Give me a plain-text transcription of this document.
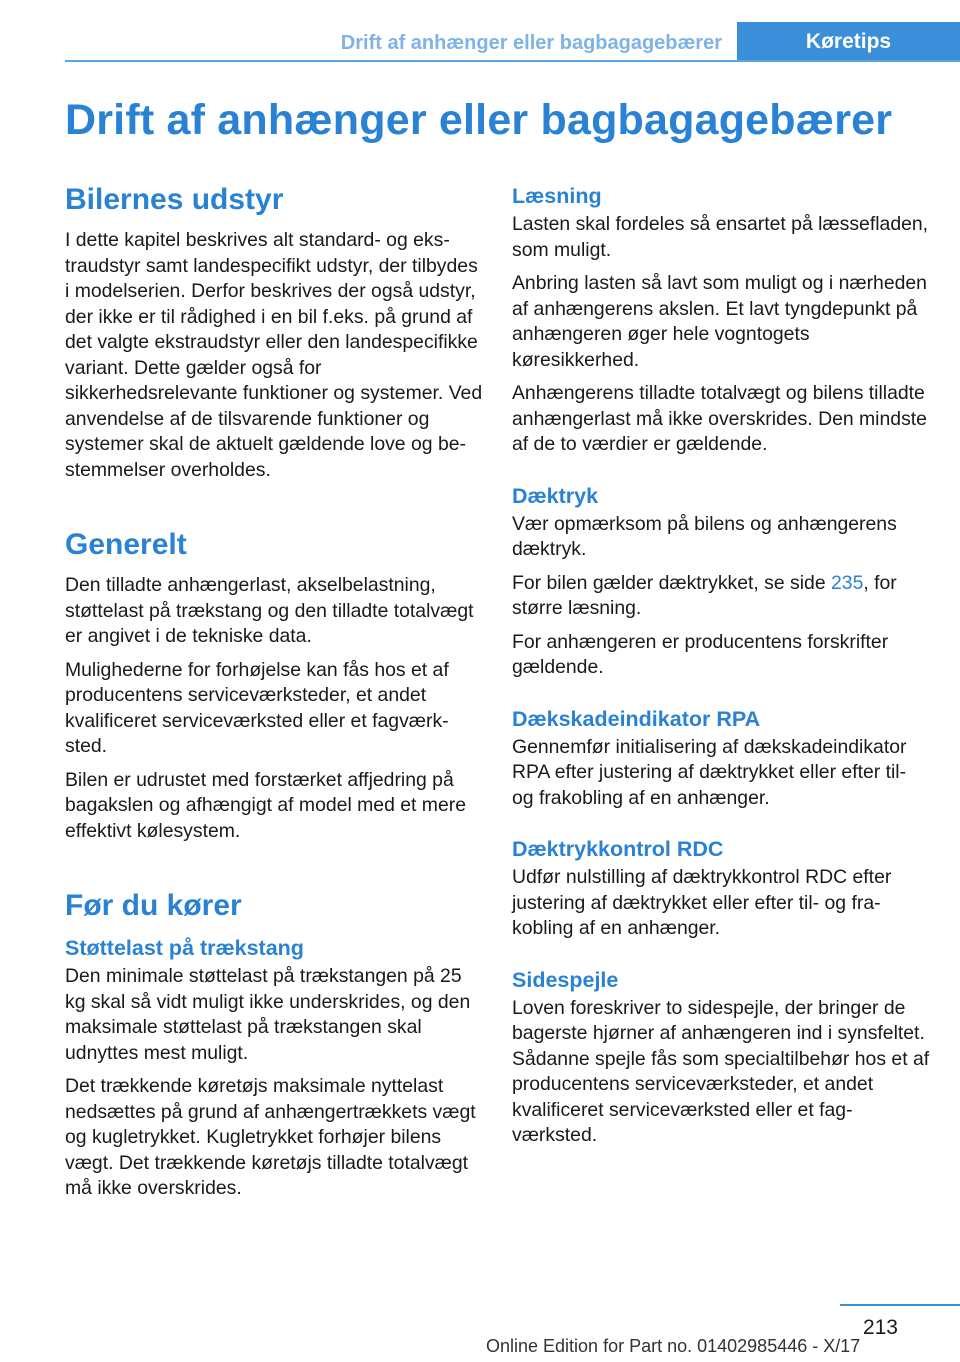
Drift af anhænger eller bagbagagebærer	Køretips
Drift af anhænger eller bagbagagebærer
Bilernes udstyr

I dette kapitel beskrives alt standard- og ekstraudstyr samt landespecifikt udstyr, der tilbydes i modelserien. Derfor beskrives der også udstyr, der ikke er til rådighed i en bil f.eks. på grund af det valgte ekstraudstyr eller den landespecifikke variant. Dette gælder også for sikkerhedsrelevante funktioner og systemer. Ved anvendelse af de tilsvarende funktioner og systemer skal de aktuelt gældende love og bestemmelser overholdes.

Generelt

Den tilladte anhængerlast, akselbelastning, støttelast på trækstang og den tilladte totalvægt er angivet i de tekniske data.

Mulighederne for forhøjelse kan fås hos et af producentens serviceværksteder, et andet kvalificeret serviceværksted eller et fagværksted.

Bilen er udrustet med forstærket affjedring på bagakslen og afhængigt af model med et mere effektivt kølesystem.

Før du kører
Støttelast på trækstang

Den minimale støttelast på trækstangen på 25 kg skal så vidt muligt ikke underskrides, og den maksimale støttelast på trækstangen skal udnyttes mest muligt.

Det trækkende køretøjs maksimale nyttelast nedsættes på grund af anhængertrækkets vægt og kugletrykket. Kugletrykket forhøjer bilens vægt. Det trækkende køretøjs tilladte totalvægt må ikke overskrides.

Læsning

Lasten skal fordeles så ensartet på læssefladen, som muligt.

Anbring lasten så lavt som muligt og i nærheden af anhængerens akslen. Et lavt tyngdepunkt på anhængeren øger hele vogntogets køresikkerhed.

Anhængerens tilladte totalvægt og bilens tilladte anhængerlast må ikke overskrides. Den mindste af de to værdier er gældende.

Dæktryk

Vær opmærksom på bilens og anhængerens dæktryk.

For bilen gælder dæktrykket, se side 235, for større læsning.

For anhængeren er producentens forskrifter gældende.

Dækskadeindikator RPA

Gennemfør initialisering af dækskadeindikator RPA efter justering af dæktrykket eller efter til- og frakobling af en anhænger.

Dæktrykkontrol RDC

Udfør nulstilling af dæktrykkontrol RDC efter justering af dæktrykket eller efter til- og frakobling af en anhænger.

Sidespejle

Loven foreskriver to sidespejle, der bringer de bagerste hjørner af anhængeren ind i synsfeltet. Sådanne spejle fås som specialtilbehør hos et af producentens serviceværksteder, et andet kvalificeret serviceværksted eller et fagværksted.

213
Online Edition for Part no. 01402985446 - X/17
